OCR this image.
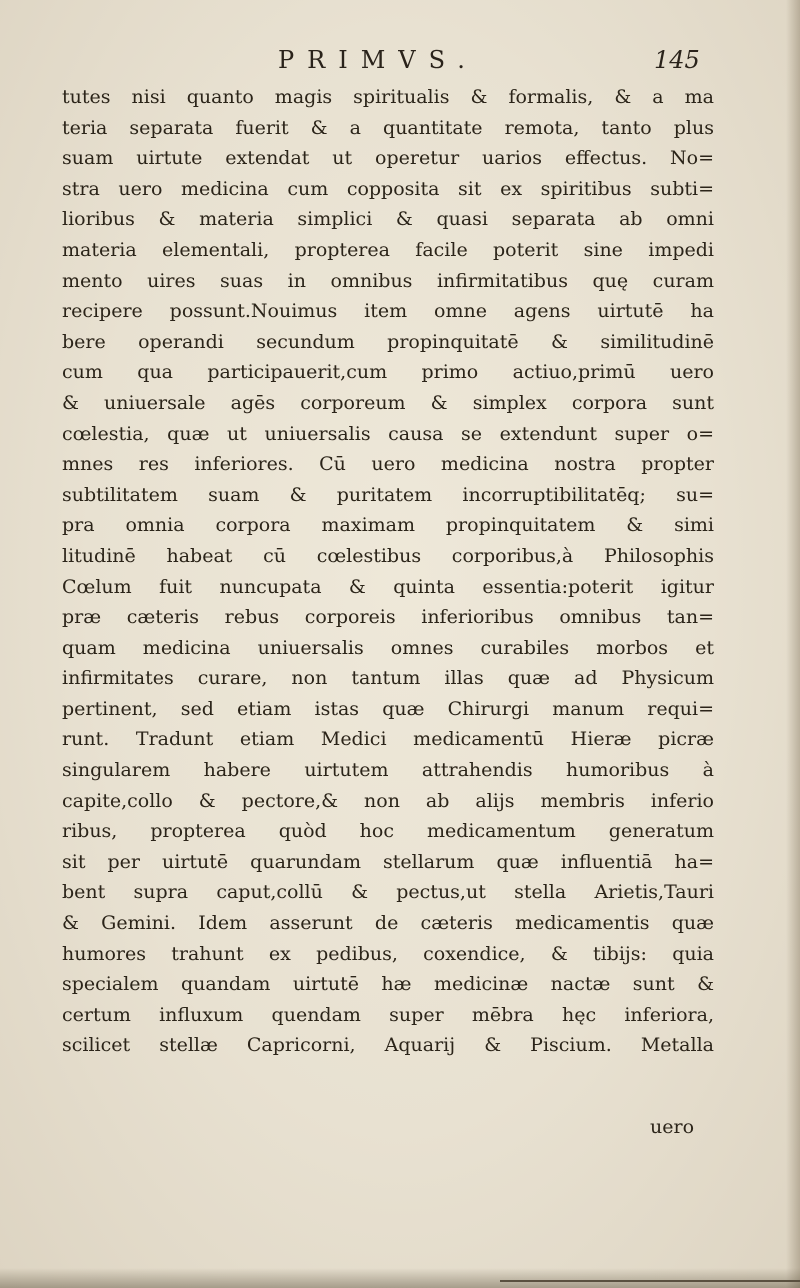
PRIMVS.	145
tutes nisi quanto magis spiritualis & formalis, & a ma
teria separata fuerit & a quantitate remota, tanto plus
suam uirtute extendat ut operetur uarios effectus. No=
stra uero medicina cum copposita sit ex spiritibus subti=
lioribus & materia simplici & quasi separata ab omni
materia elementali, propterea facile poterit sine impedi
mento uires suas in omnibus infirmitatibus quę curam
recipere possunt.Nouimus item omne agens uirtutē ha
bere operandi secundum propinquitatē & similitudinē
cum qua participauerit,cum primo actiuo,primū uero
& uniuersale agēs corporeum & simplex corpora sunt
cœlestia, quæ ut uniuersalis causa se extendunt super o=
mnes res inferiores. Cū uero medicina nostra propter
subtilitatem suam & puritatem incorruptibilitatēq; su=
pra omnia corpora maximam propinquitatem & simi
litudinē habeat cū cœlestibus corporibus,à Philosophis
Cœlum fuit nuncupata & quinta essentia:poterit igitur
præ cæteris rebus corporeis inferioribus omnibus tan=
quam medicina uniuersalis omnes curabiles morbos et
infirmitates curare, non tantum illas quæ ad Physicum
pertinent, sed etiam istas quæ Chirurgi manum requi=
runt. Tradunt etiam Medici medicamentū Hieræ picræ
singularem habere uirtutem attrahendis humoribus à
capite,collo & pectore,& non ab alijs membris inferio
ribus, propterea quòd hoc medicamentum generatum
sit per uirtutē quarundam stellarum quæ influentiā ha=
bent supra caput,collū & pectus,ut stella Arietis,Tauri
& Gemini. Idem asserunt de cæteris medicamentis quæ
humores trahunt ex pedibus, coxendice, & tibijs: quia
specialem quandam uirtutē hæ medicinæ nactæ sunt &
certum influxum quendam super mēbra hęc inferiora,
scilicet stellæ Capricorni, Aquarij & Piscium. Metalla
uero
